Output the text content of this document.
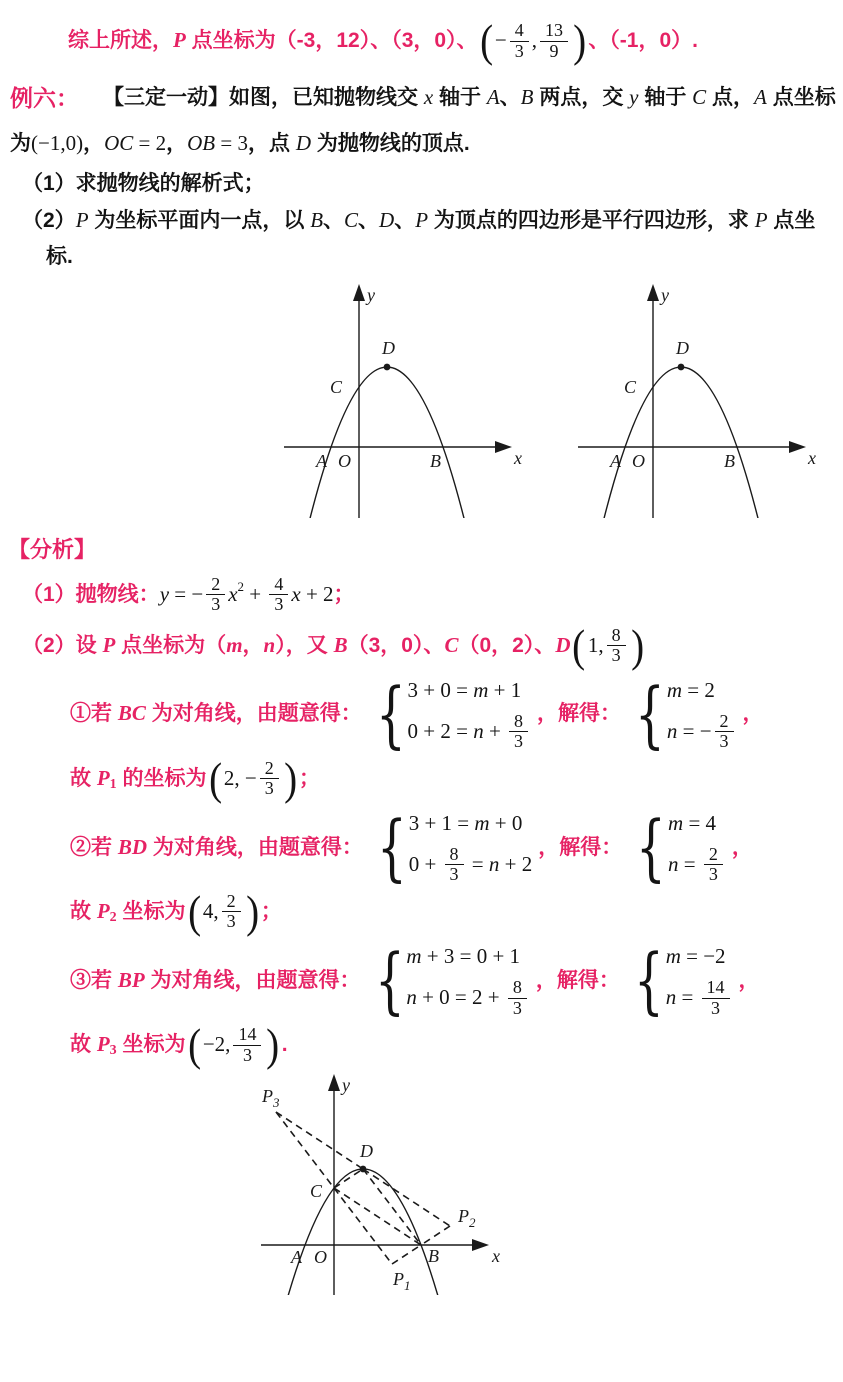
综上所述， P 点坐标为（-3，12）、（3，0）、 ( − $\frac{4}{3}$ , $\frac{13}{9}$ ) 、（-1，0）.
例六： 【三定一动】如图，已知抛物线交 x 轴于 A、B 两点，交 y 轴于 C 点，A 点坐标
为(−1,0)，OC = 2，OB = 3，点 D 为抛物线的顶点.
（1）求抛物线的解析式；
（2）P 为坐标平面内一点，以 B、C、D、P 为顶点的四边形是平行四边形，求 P 点坐
标.
D
C
A O	B	x
y
D
C
A O	B	x
y
【分析】
（1）抛物线： y = − $\frac{2}{3} x^2 + \frac{4}{3}$ x + 2 ；
（2）设 P 点坐标为（ m ， n ），又 B （3，0）、 C （0，2）、 D ( 1, $\frac{8}{3}$ )
①若 BC 为对角线，由题意得： { 3 + 0 = m + 1
$0 + 2 = n + \frac{8}{3}$ ，解得： { m = 2
n = − $\frac{2}{3}$ ，
故 $P_1$ 的坐标为 ( 2, − $\frac{2}{3}$ ) ；
②若 BD 为对角线，由题意得： { 3 + 1 = m + 0
$0 + \frac{8}{3} = n + 2$
，解得： { m = 4
$n = \frac{2}{3}$ ，
故 $P_2$ 坐标为 ( 4, $\frac{2}{3}$ ) ；
③若 BP 为对角线，由题意得： { m + 3 = 0 + 1
$n + 0 = 2 + \frac{8}{3}$ ，解得： { m = −2
$n = \frac{14}{3}$ ，
故 $P_3$ 坐标为 ( −2, $\frac{14}{3}$ ) .
D
C
A O	B	x
y
$P_3$
$P_1$
$P_2$
